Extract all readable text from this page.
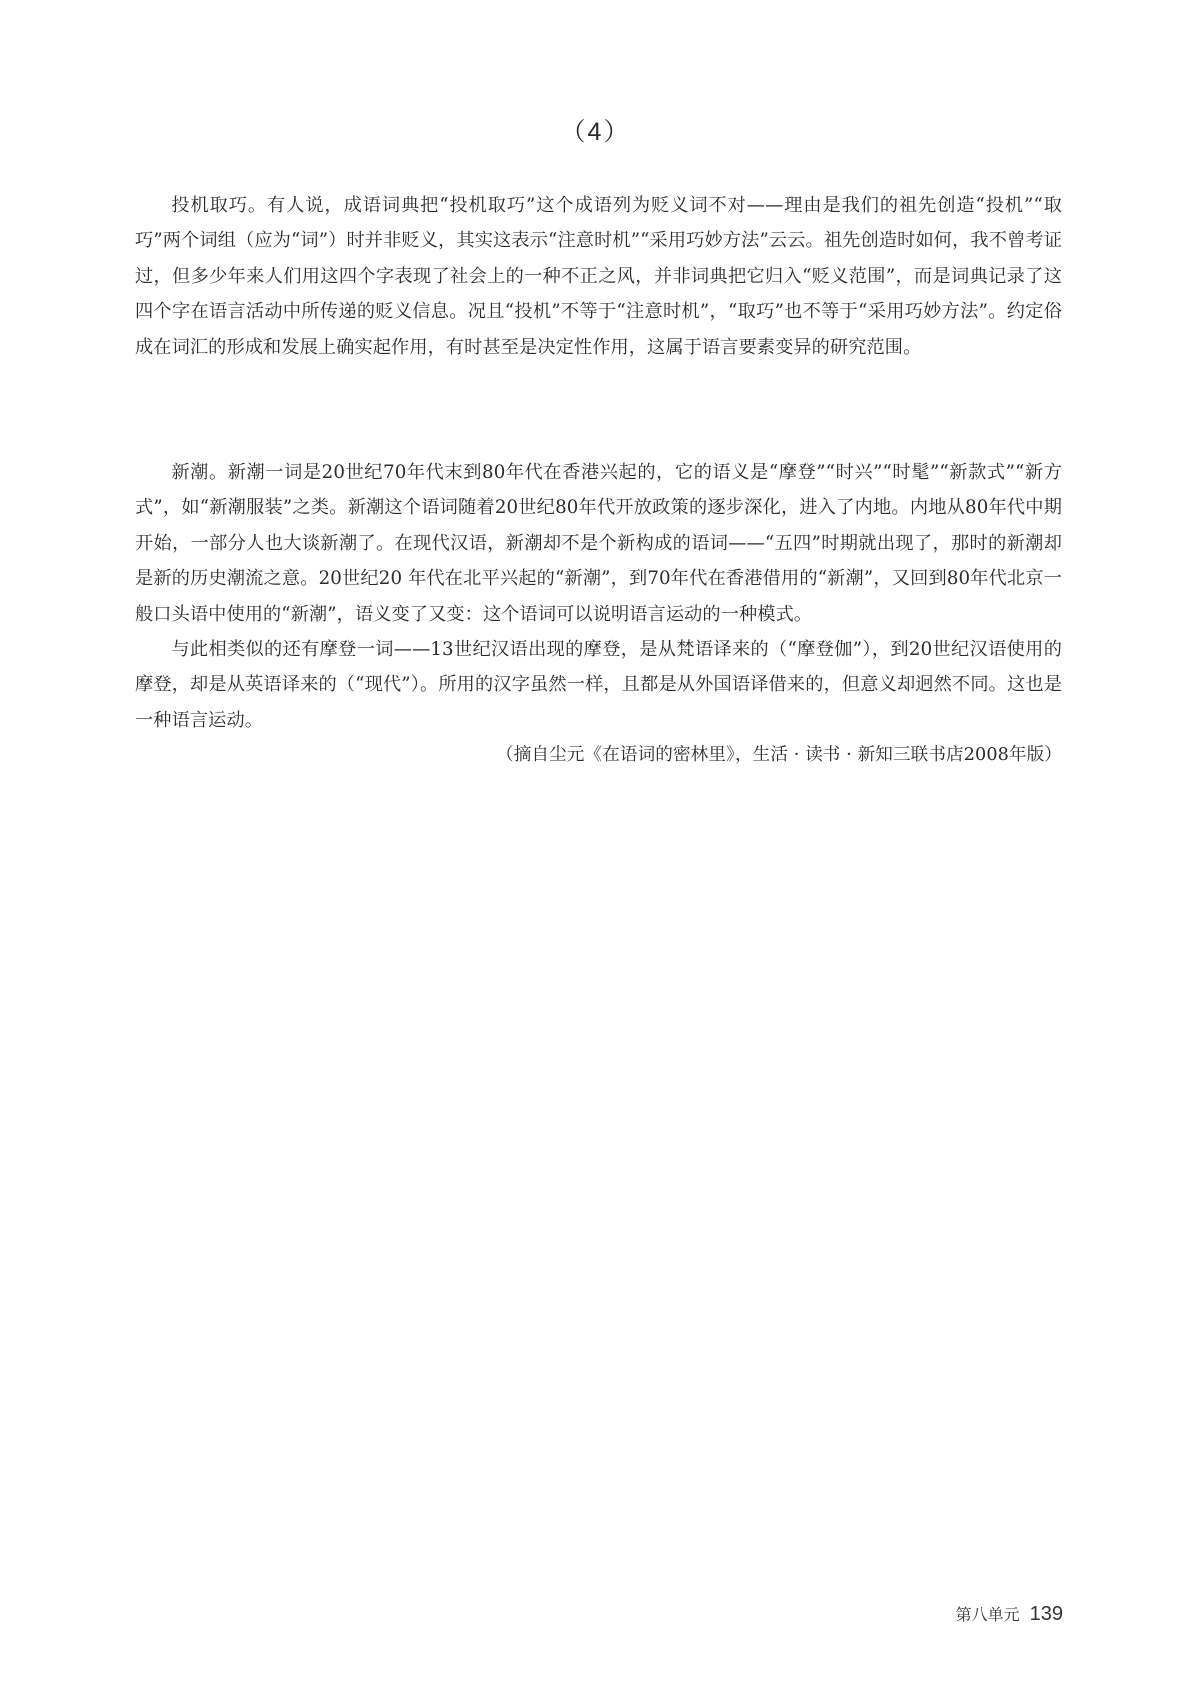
（4）

投机取巧。有人说，成语词典把“投机取巧”这个成语列为贬义词不对——理由是我们的祖先创造“投机”“取巧”两个词组（应为“词”）时并非贬义，其实这表示“注意时机”“采用巧妙方法”云云。祖先创造时如何，我不曾考证过，但多少年来人们用这四个字表现了社会上的一种不正之风，并非词典把它归入“贬义范围”，而是词典记录了这四个字在语言活动中所传递的贬义信息。况且“投机”不等于“注意时机”，“取巧”也不等于“采用巧妙方法”。约定俗成在词汇的形成和发展上确实起作用，有时甚至是决定性作用，这属于语言要素变异的研究范围。

新潮。新潮一词是20世纪70年代末到80年代在香港兴起的，它的语义是“摩登”“时兴”“时髦”“新款式”“新方式”，如“新潮服装”之类。新潮这个语词随着20世纪80年代开放政策的逐步深化，进入了内地。内地从80年代中期开始，一部分人也大谈新潮了。在现代汉语，新潮却不是个新构成的语词——“五四”时期就出现了，那时的新潮却是新的历史潮流之意。20世纪20 年代在北平兴起的“新潮”，到70年代在香港借用的“新潮”，又回到80年代北京一般口头语中使用的“新潮”，语义变了又变：这个语词可以说明语言运动的一种模式。

与此相类似的还有摩登一词——13世纪汉语出现的摩登，是从梵语译来的（“摩登伽”），到20世纪汉语使用的摩登，却是从英语译来的（“现代”）。所用的汉字虽然一样，且都是从外国语译借来的，但意义却迥然不同。这也是一种语言运动。

（摘自尘元《在语词的密林里》，生活 · 读书 · 新知三联书店2008年版）

第八单元 139
